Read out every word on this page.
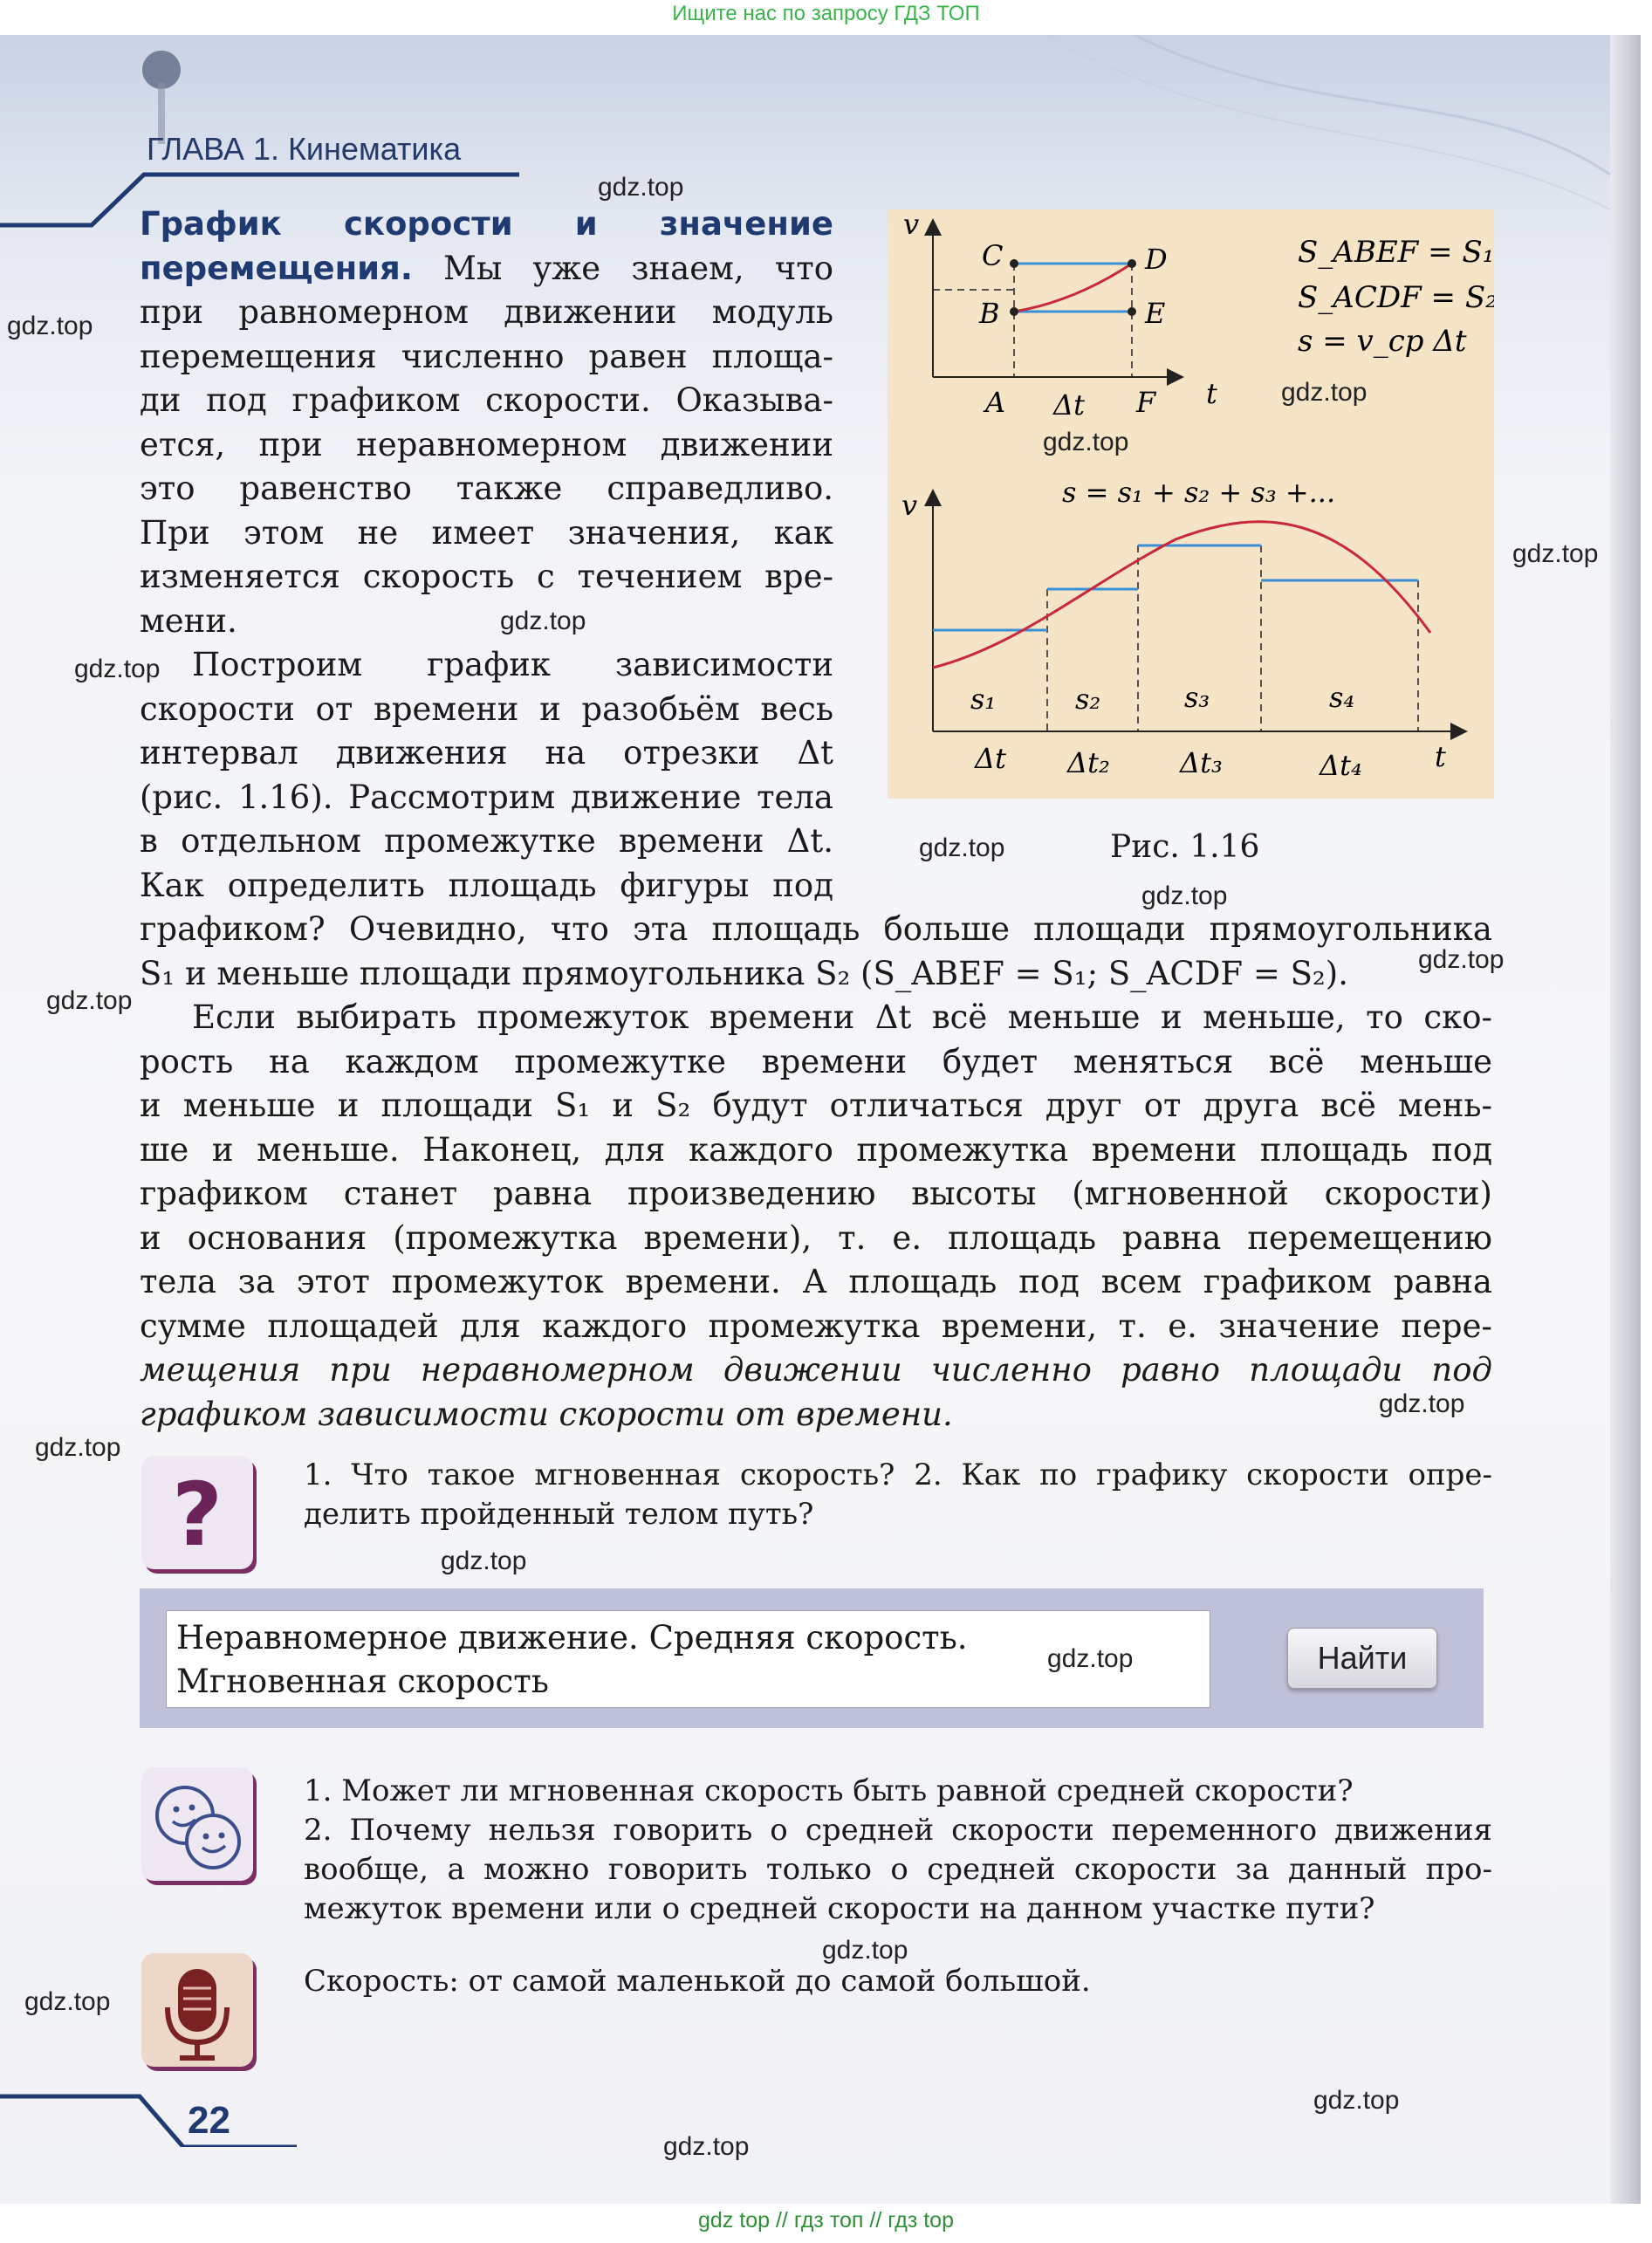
Ищите нас по запросу ГДЗ ТОП
ГЛАВА 1. Кинематика
График скорости и значение
перемещения. Мы уже знаем, что
при равномерном движении модуль
перемещения численно равен площа-
ди под графиком скорости. Оказыва-
ется, при неравномерном движении
это равенство также справедливо.
При этом не имеет значения, как
изменяется скорость с течением вре-
мени.
Построим график зависимости
скорости от времени и разобьём весь
интервал движения на отрезки Δt
(рис. 1.16). Рассмотрим движение тела
в отдельном промежутке времени Δt.
Как определить площадь фигуры под
графиком? Очевидно, что эта площадь больше площади прямоугольника
S₁ и меньше площади прямоугольника S₂ (S_ABEF = S₁; S_ACDF = S₂).
Если выбирать промежуток времени Δt всё меньше и меньше, то ско-
рость на каждом промежутке времени будет меняться всё меньше
и меньше и площади S₁ и S₂ будут отличаться друг от друга всё мень-
ше и меньше. Наконец, для каждого промежутка времени площадь под
графиком станет равна произведению высоты (мгновенной скорости)
и основания (промежутка времени), т. е. площадь равна перемещению
тела за этот промежуток времени. А площадь под всем графиком равна
сумме площадей для каждого промежутка времени, т. е. значение пере-
мещения при неравномерном движении численно равно площади под
графиком зависимости скорости от времени.
v
t
C	D
B	E
A	F
Δt
S_ABEF = S₁
S_ACDF = S₂
s = v_ср Δt
s = s₁ + s₂ + s₃ +...
v
t
s₁	s₂	s₃	s₄
Δt Δt₂	Δt₃	Δt₄
Рис. 1.16
?	1. Что такое мгновенная скорость? 2. Как по графику скорости опре-
делить пройденный телом путь?
Неравномерное движение. Средняя скорость.
Мгновенная скорость
Найти
1. Может ли мгновенная скорость быть равной средней скорости?
2. Почему нельзя говорить о средней скорости переменного движения
вообще, а можно говорить только о средней скорости за данный про-
межуток времени или о средней скорости на данном участке пути?
Скорость: от самой маленькой до самой большой.
22
gdz.top
gdz.top
gdz.top
gdz.top
gdz.top
gdz.top
gdz.top
gdz.top
gdz.top
gdz.top
gdz.top
gdz.top
gdz.top
gdz.top
gdz.top
gdz.top
gdz.top
gdz.top
gdz.top
gdz top // гдз топ // гдз top
